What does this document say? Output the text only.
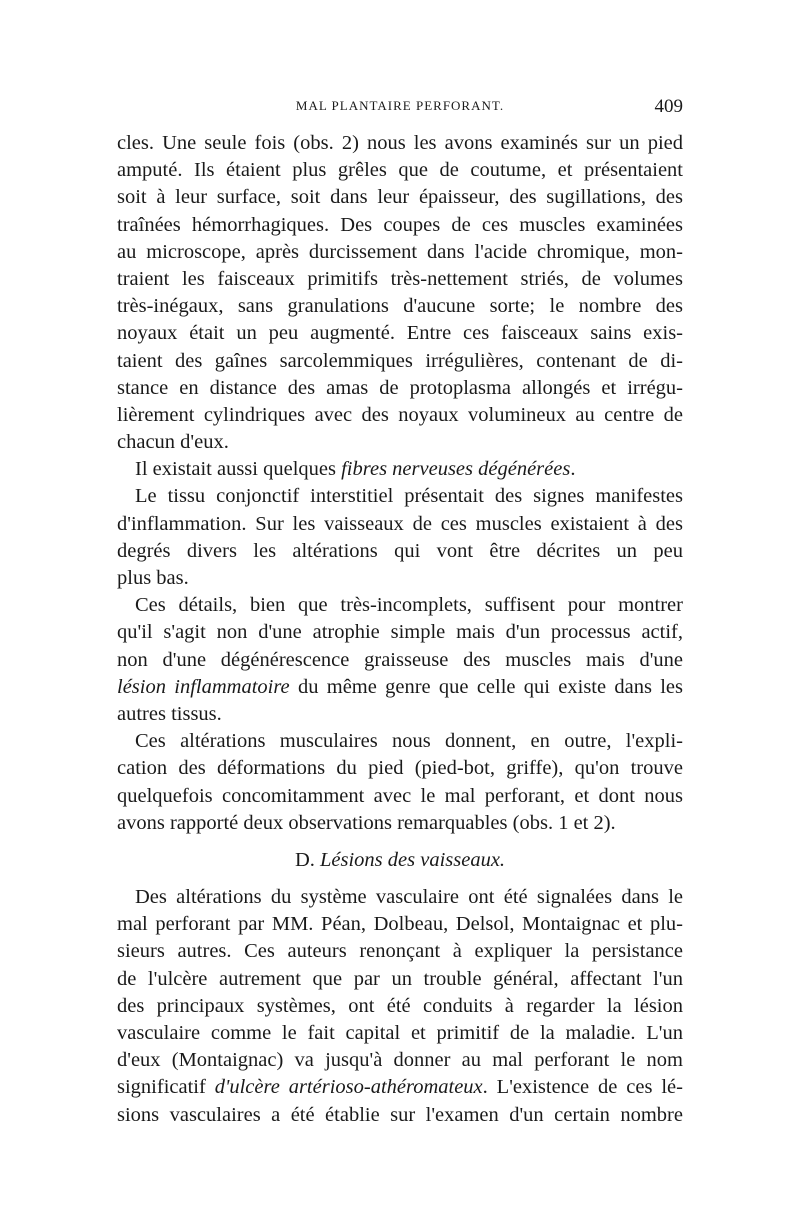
MAL PLANTAIRE PERFORANT.	409
cles. Une seule fois (obs. 2) nous les avons examinés sur un pied
amputé. Ils étaient plus grêles que de coutume, et présentaient
soit à leur surface, soit dans leur épaisseur, des sugillations, des
traînées hémorrhagiques. Des coupes de ces muscles examinées
au microscope, après durcissement dans l'acide chromique, mon-
traient les faisceaux primitifs très-nettement striés, de volumes
très-inégaux, sans granulations d'aucune sorte; le nombre des
noyaux était un peu augmenté. Entre ces faisceaux sains exis-
taient des gaînes sarcolemmiques irrégulières, contenant de di-
stance en distance des amas de protoplasma allongés et irrégu-
lièrement cylindriques avec des noyaux volumineux au centre de
chacun d'eux.
Il existait aussi quelques fibres nerveuses dégénérées.
Le tissu conjonctif interstitiel présentait des signes manifestes
d'inflammation. Sur les vaisseaux de ces muscles existaient à des
degrés divers les altérations qui vont être décrites un peu
plus bas.
Ces détails, bien que très-incomplets, suffisent pour montrer
qu'il s'agit non d'une atrophie simple mais d'un processus actif,
non d'une dégénérescence graisseuse des muscles mais d'une
lésion inflammatoire du même genre que celle qui existe dans les
autres tissus.
Ces altérations musculaires nous donnent, en outre, l'expli-
cation des déformations du pied (pied-bot, griffe), qu'on trouve
quelquefois concomitamment avec le mal perforant, et dont nous
avons rapporté deux observations remarquables (obs. 1 et 2).
D. Lésions des vaisseaux.
Des altérations du système vasculaire ont été signalées dans le
mal perforant par MM. Péan, Dolbeau, Delsol, Montaignac et plu-
sieurs autres. Ces auteurs renonçant à expliquer la persistance
de l'ulcère autrement que par un trouble général, affectant l'un
des principaux systèmes, ont été conduits à regarder la lésion
vasculaire comme le fait capital et primitif de la maladie. L'un
d'eux (Montaignac) va jusqu'à donner au mal perforant le nom
significatif d'ulcère artérioso-athéromateux. L'existence de ces lé-
sions vasculaires a été établie sur l'examen d'un certain nombre
